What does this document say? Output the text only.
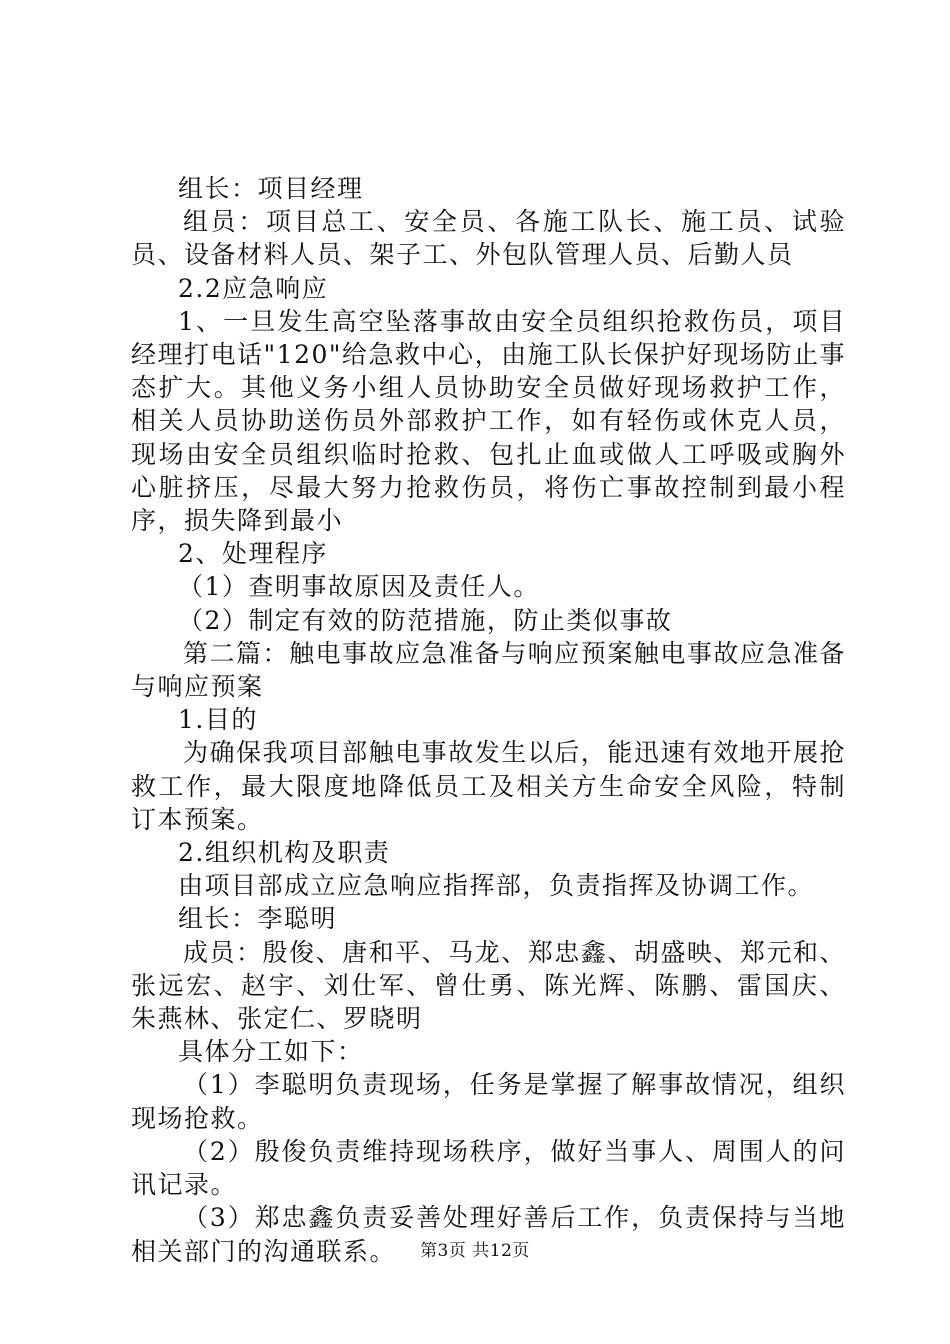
组长：项目经理

组员：项目总工、安全员、各施工队长、施工员、试验员、设备材料人员、架子工、外包队管理人员、后勤人员

2.2应急响应

1、一旦发生高空坠落事故由安全员组织抢救伤员，项目经理打电话"120"给急救中心，由施工队长保护好现场防止事态扩大。其他义务小组人员协助安全员做好现场救护工作，相关人员协助送伤员外部救护工作，如有轻伤或休克人员，现场由安全员组织临时抢救、包扎止血或做人工呼吸或胸外心脏挤压，尽最大努力抢救伤员，将伤亡事故控制到最小程序，损失降到最小

2、处理程序

（1）查明事故原因及责任人。

（2）制定有效的防范措施，防止类似事故

第二篇：触电事故应急准备与响应预案触电事故应急准备与响应预案

1.目的

为确保我项目部触电事故发生以后，能迅速有效地开展抢救工作，最大限度地降低员工及相关方生命安全风险，特制订本预案。

2.组织机构及职责

由项目部成立应急响应指挥部，负责指挥及协调工作。

组长：李聪明

成员：殷俊、唐和平、马龙、郑忠鑫、胡盛映、郑元和、张远宏、赵宇、刘仕军、曾仕勇、陈光辉、陈鹏、雷国庆、朱燕林、张定仁、罗晓明

具体分工如下：

（1）李聪明负责现场，任务是掌握了解事故情况，组织现场抢救。

（2）殷俊负责维持现场秩序，做好当事人、周围人的问讯记录。

（3）郑忠鑫负责妥善处理好善后工作，负责保持与当地相关部门的沟通联系。	第3页 共12页
